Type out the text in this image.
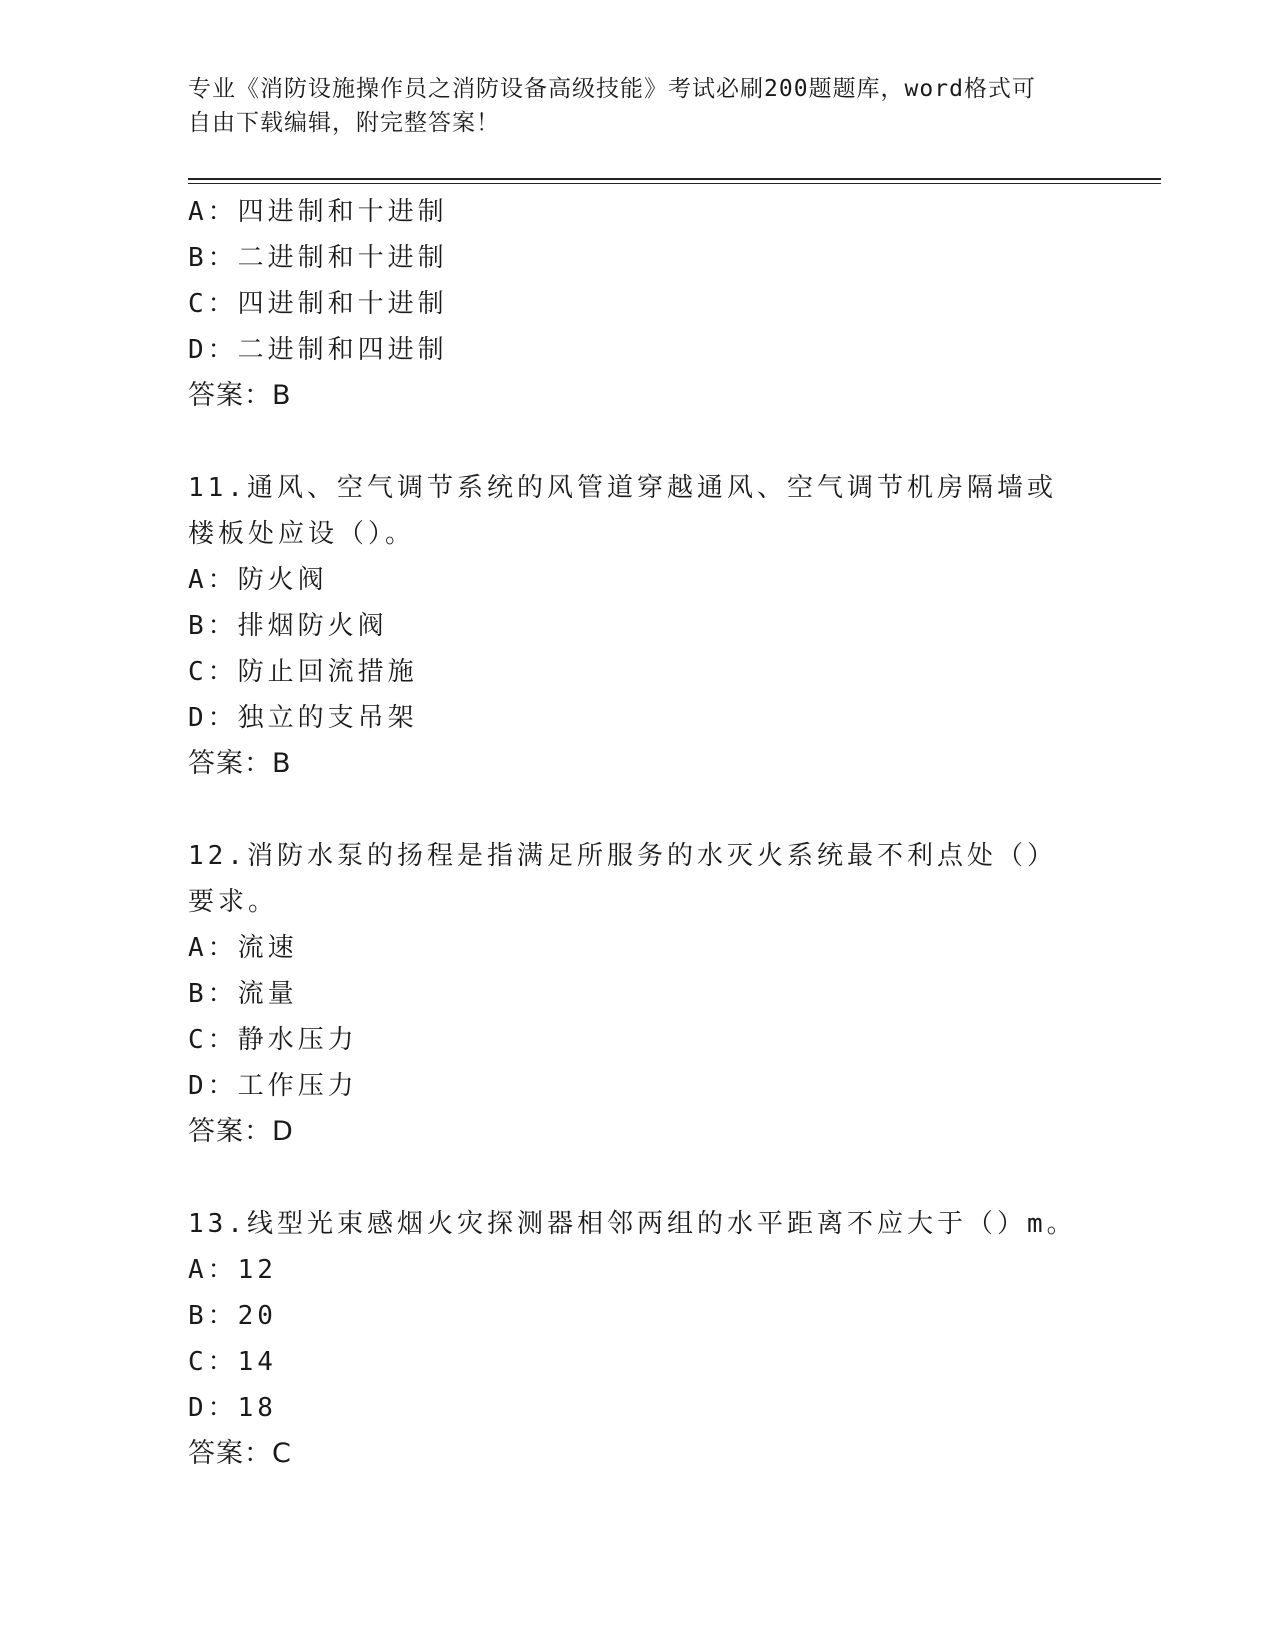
专业《消防设施操作员之消防设备高级技能》考试必刷200题题库，word格式可
自由下载编辑，附完整答案！
A：四进制和十进制
B：二进制和十进制
C：四进制和十进制
D：二进制和四进制
答案：B
11.通风、空气调节系统的风管道穿越通风、空气调节机房隔墙或楼板处应设（）。
A：防火阀
B：排烟防火阀
C：防止回流措施
D：独立的支吊架
答案：B
12.消防水泵的扬程是指满足所服务的水灭火系统最不利点处（）要求。
A：流速
B：流量
C：静水压力
D：工作压力
答案：D
13.线型光束感烟火灾探测器相邻两组的水平距离不应大于（）m。
A：12
B：20
C：14
D：18
答案：C
